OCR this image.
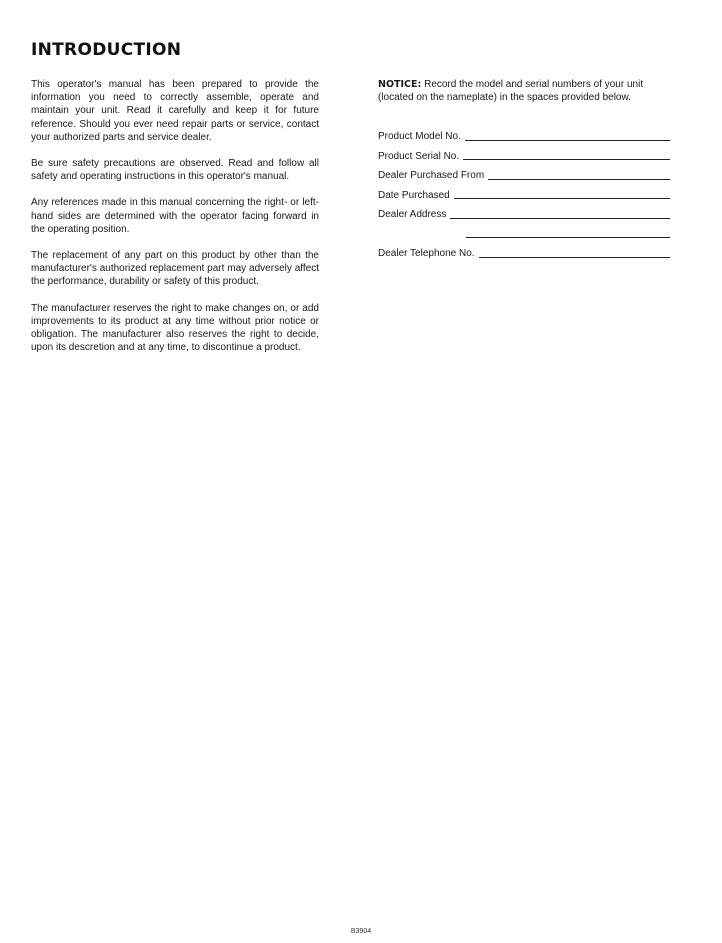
INTRODUCTION

This operator's manual has been prepared to provide the information you need to correctly assemble, operate and maintain your unit. Read it carefully and keep it for future reference. Should you ever need repair parts or service, contact your authorized parts and service dealer.

Be sure safety precautions are observed. Read and follow all safety and operating instructions in this operator's manual.

Any references made in this manual concerning the right- or left-hand sides are determined with the operator facing forward in the operating position.

The replacement of any part on this product by other than the manufacturer's authorized replacement part may adversely affect the performance, durability or safety of this product.

The manufacturer reserves the right to make changes on, or add improvements to its product at any time without prior notice or obligation. The manufacturer also reserves the right to decide, upon its descretion and at any time, to discontinue a product.

NOTICE: Record the model and serial numbers of your unit (located on the nameplate) in the spaces provided below.

Product Model No.
Product Serial No.
Dealer Purchased From
Date Purchased
Dealer Address
Dealer Telephone No.
B3904
